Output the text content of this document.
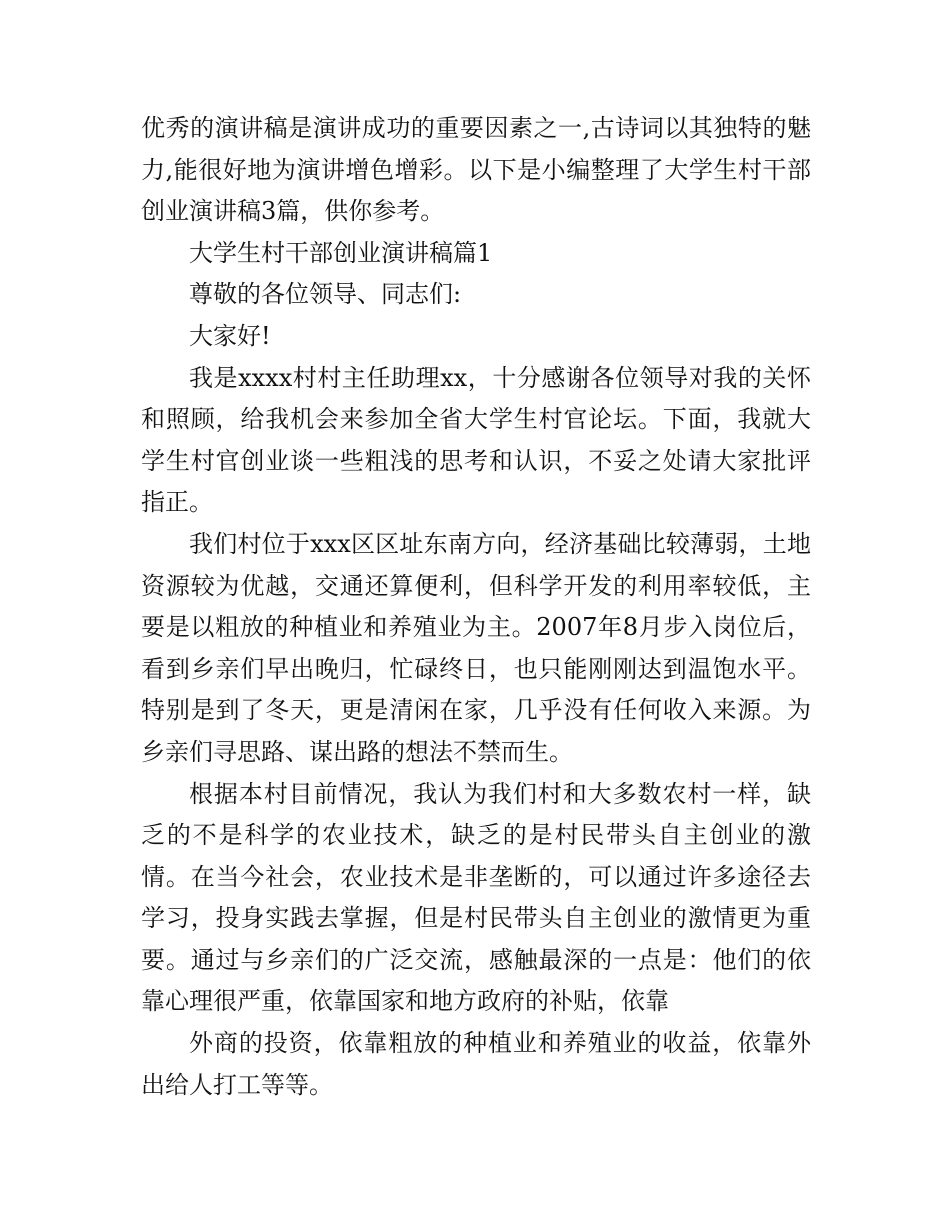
优秀的演讲稿是演讲成功的重要因素之一,古诗词以其独特的魅力,能很好地为演讲增色增彩。以下是小编整理了大学生村干部创业演讲稿3篇，供你参考。

大学生村干部创业演讲稿篇1

尊敬的各位领导、同志们:

大家好!

我是xxxx村村主任助理xx，十分感谢各位领导对我的关怀和照顾，给我机会来参加全省大学生村官论坛。下面，我就大学生村官创业谈一些粗浅的思考和认识，不妥之处请大家批评指正。

我们村位于xxx区区址东南方向，经济基础比较薄弱，土地资源较为优越，交通还算便利，但科学开发的利用率较低，主要是以粗放的种植业和养殖业为主。2007年8月步入岗位后，看到乡亲们早出晚归，忙碌终日，也只能刚刚达到温饱水平。特别是到了冬天，更是清闲在家，几乎没有任何收入来源。为乡亲们寻思路、谋出路的想法不禁而生。

根据本村目前情况，我认为我们村和大多数农村一样，缺乏的不是科学的农业技术，缺乏的是村民带头自主创业的激情。在当今社会，农业技术是非垄断的，可以通过许多途径去学习，投身实践去掌握，但是村民带头自主创业的激情更为重要。通过与乡亲们的广泛交流，感触最深的一点是：他们的依靠心理很严重，依靠国家和地方政府的补贴，依靠

外商的投资，依靠粗放的种植业和养殖业的收益，依靠外出给人打工等等。
